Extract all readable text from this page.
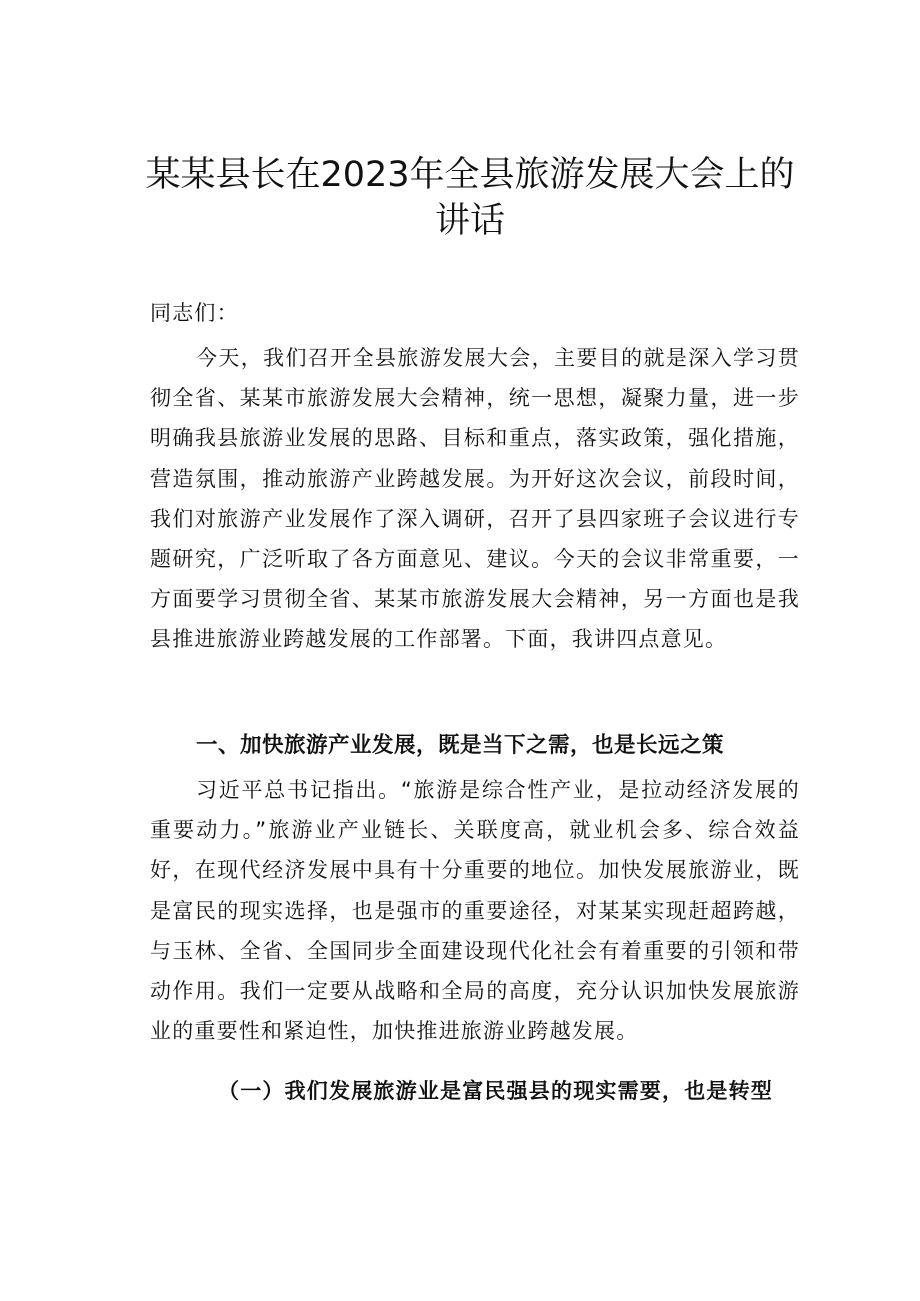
某某县长在2023年全县旅游发展大会上的讲话

同志们：

今天，我们召开全县旅游发展大会，主要目的就是深入学习贯彻全省、某某市旅游发展大会精神，统一思想，凝聚力量，进一步明确我县旅游业发展的思路、目标和重点，落实政策，强化措施，营造氛围，推动旅游产业跨越发展。为开好这次会议，前段时间，我们对旅游产业发展作了深入调研，召开了县四家班子会议进行专题研究，广泛听取了各方面意见、建议。今天的会议非常重要，一方面要学习贯彻全省、某某市旅游发展大会精神，另一方面也是我县推进旅游业跨越发展的工作部署。下面，我讲四点意见。

一、加快旅游产业发展，既是当下之需，也是长远之策

习近平总书记指出。“旅游是综合性产业，是拉动经济发展的重要动力。”旅游业产业链长、关联度高，就业机会多、综合效益好，在现代经济发展中具有十分重要的地位。加快发展旅游业，既是富民的现实选择，也是强市的重要途径，对某某实现赶超跨越，与玉林、全省、全国同步全面建设现代化社会有着重要的引领和带动作用。我们一定要从战略和全局的高度，充分认识加快发展旅游业的重要性和紧迫性，加快推进旅游业跨越发展。

（一）我们发展旅游业是富民强县的现实需要，也是转型
